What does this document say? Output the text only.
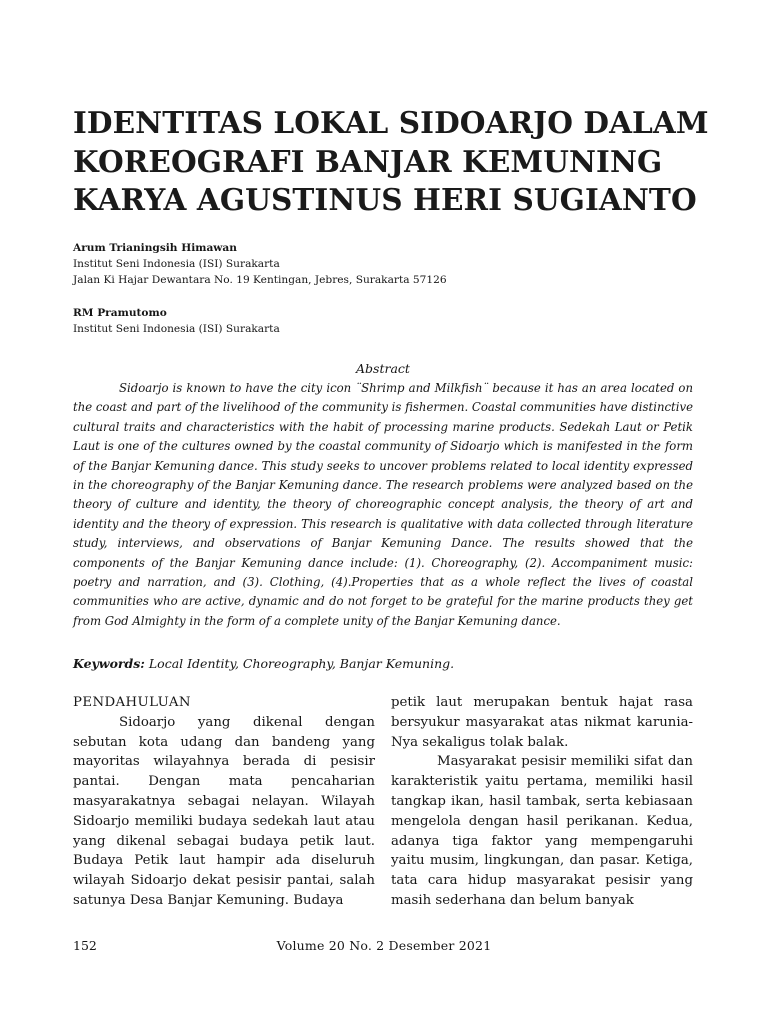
IDENTITAS LOKAL SIDOARJO DALAM
KOREOGRAFI BANJAR KEMUNING
KARYA AGUSTINUS HERI SUGIANTO
Arum Trianingsih Himawan
Institut Seni Indonesia (ISI) Surakarta
Jalan Ki Hajar Dewantara No. 19 Kentingan, Jebres, Surakarta 57126
RM Pramutomo
Institut Seni Indonesia (ISI) Surakarta
Abstract

Sidoarjo is known to have the city icon ¨Shrimp and Milkfish¨ because it has an area located on the coast and part of the livelihood of the community is fishermen. Coastal communities have distinctive cultural traits and characteristics with the habit of processing marine products. Sedekah Laut or Petik Laut is one of the cultures owned by the coastal community of Sidoarjo which is manifested in the form of the Banjar Kemuning dance. This study seeks to uncover problems related to local identity expressed in the choreography of the Banjar Kemuning dance. The research problems were analyzed based on the theory of culture and identity, the theory of choreographic concept analysis, the theory of art and identity and the theory of expression. This research is qualitative with data collected through literature study, interviews, and observations of Banjar Kemuning Dance. The results showed that the components of the Banjar Kemuning dance include: (1). Choreography, (2). Accompaniment music: poetry and narration, and (3). Clothing, (4).Properties that as a whole reflect the lives of coastal communities who are active, dynamic and do not forget to be grateful for the marine products they get from God Almighty in the form of a complete unity of the Banjar Kemuning dance.

Keywords: Local Identity, Choreography, Banjar Kemuning.
PENDAHULUAN

Sidoarjo yang dikenal dengan sebutan kota udang dan bandeng yang mayoritas wilayahnya berada di pesisir pantai. Dengan mata pencaharian masyarakatnya sebagai nelayan. Wilayah Sidoarjo memiliki budaya sedekah laut atau yang dikenal sebagai budaya petik laut. Budaya Petik laut hampir ada diseluruh wilayah Sidoarjo dekat pesisir pantai, salah satunya Desa Banjar Kemuning. Budaya

petik laut merupakan bentuk hajat rasa bersyukur masyarakat atas nikmat karunia-Nya sekaligus tolak balak.

Masyarakat pesisir memiliki sifat dan karakteristik yaitu pertama, memiliki hasil tangkap ikan, hasil tambak, serta kebiasaan mengelola dengan hasil perikanan. Kedua, adanya tiga faktor yang mempengaruhi yaitu musim, lingkungan, dan pasar. Ketiga, tata cara hidup masyarakat pesisir yang masih sederhana dan belum banyak

152	Volume 20 No. 2 Desember 2021
